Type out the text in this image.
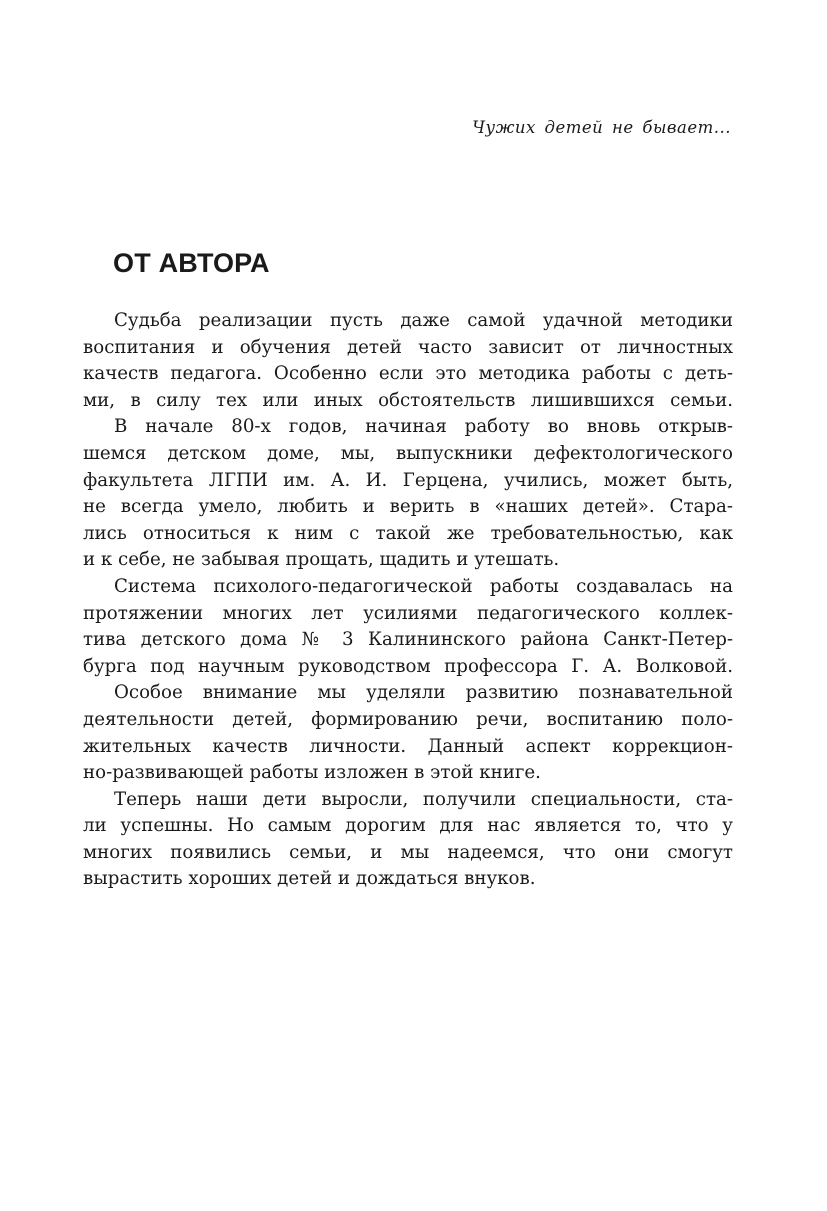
Чужих детей не бывает...
ОТ АВТОРА
Судьба реализации пусть даже самой удачной методики
воспитания и обучения детей часто зависит от личностных
качеств педагога. Особенно если это методика работы с деть-
ми, в силу тех или иных обстоятельств лишившихся семьи.
В начале 80-х годов, начиная работу во вновь открыв-
шемся детском доме, мы, выпускники дефектологического
факультета ЛГПИ им. А. И. Герцена, учились, может быть,
не всегда умело, любить и верить в «наших детей». Стара-
лись относиться к ним с такой же требовательностью, как
и к себе, не забывая прощать, щадить и утешать.
Система психолого-педагогической работы создавалась на
протяжении многих лет усилиями педагогического коллек-
тива детского дома № 3 Калининского района Санкт-Петер-
бурга под научным руководством профессора Г. А. Волковой.
Особое внимание мы уделяли развитию познавательной
деятельности детей, формированию речи, воспитанию поло-
жительных качеств личности. Данный аспект коррекцион-
но-развивающей работы изложен в этой книге.
Теперь наши дети выросли, получили специальности, ста-
ли успешны. Но самым дорогим для нас является то, что у
многих появились семьи, и мы надеемся, что они смогут
вырастить хороших детей и дождаться внуков.
